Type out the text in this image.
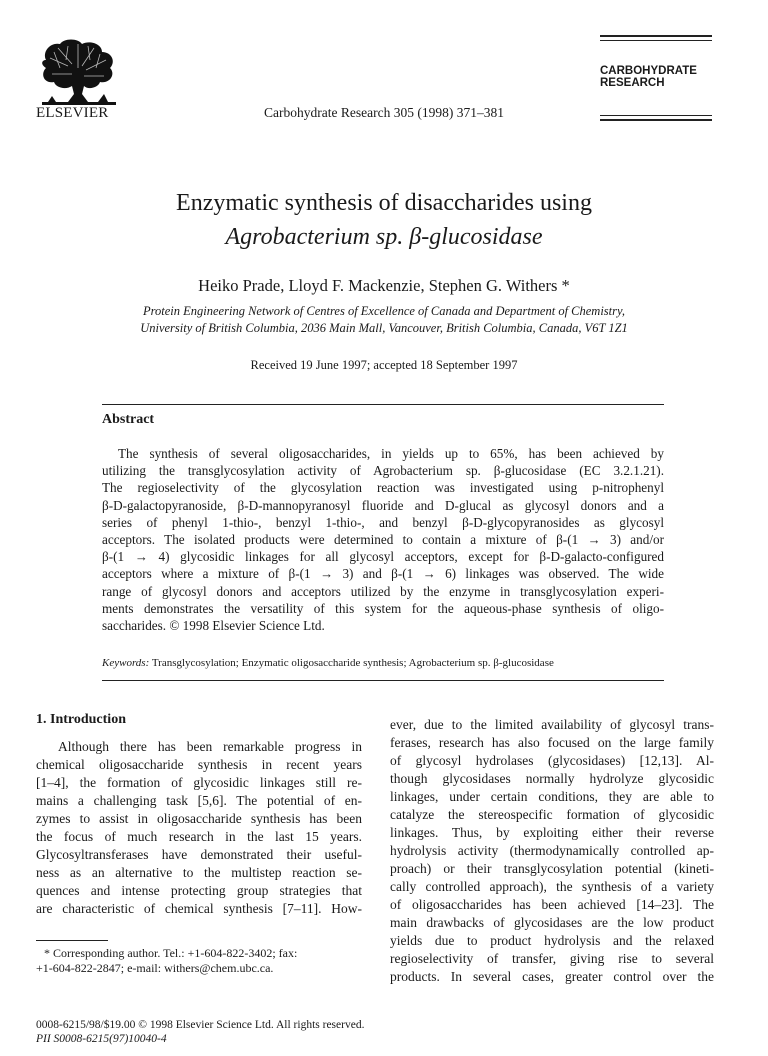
ELSEVIER	Carbohydrate Research 305 (1998) 371–381
CARBOHYDRATE
RESEARCH
Enzymatic synthesis of disaccharides using
Agrobacterium sp. β-glucosidase
Heiko Prade, Lloyd F. Mackenzie, Stephen G. Withers *
Protein Engineering Network of Centres of Excellence of Canada and Department of Chemistry,
University of British Columbia, 2036 Main Mall, Vancouver, British Columbia, Canada, V6T 1Z1
Received 19 June 1997; accepted 18 September 1997
Abstract
The synthesis of several oligosaccharides, in yields up to 65%, has been achieved by
utilizing the transglycosylation activity of Agrobacterium sp. β-glucosidase (EC 3.2.1.21).
The regioselectivity of the glycosylation reaction was investigated using p-nitrophenyl
β-D-galactopyranoside, β-D-mannopyranosyl fluoride and D-glucal as glycosyl donors and a
series of phenyl 1-thio-, benzyl 1-thio-, and benzyl β-D-glycopyranosides as glycosyl
acceptors. The isolated products were determined to contain a mixture of β-(1 → 3) and/or
β-(1 → 4) glycosidic linkages for all glycosyl acceptors, except for β-D-galacto-configured
acceptors where a mixture of β-(1 → 3) and β-(1 → 6) linkages was observed. The wide
range of glycosyl donors and acceptors utilized by the enzyme in transglycosylation experi-
ments demonstrates the versatility of this system for the aqueous-phase synthesis of oligo-
saccharides. © 1998 Elsevier Science Ltd.
Keywords: Transglycosylation; Enzymatic oligosaccharide synthesis; Agrobacterium sp. β-glucosidase
1. Introduction
Although there has been remarkable progress in
chemical oligosaccharide synthesis in recent years
[1–4], the formation of glycosidic linkages still re-
mains a challenging task [5,6]. The potential of en-
zymes to assist in oligosaccharide synthesis has been
the focus of much research in the last 15 years.
Glycosyltransferases have demonstrated their useful-
ness as an alternative to the multistep reaction se-
quences and intense protecting group strategies that
are characteristic of chemical synthesis [7–11]. How-
ever, due to the limited availability of glycosyl trans-
ferases, research has also focused on the large family
of glycosyl hydrolases (glycosidases) [12,13]. Al-
though glycosidases normally hydrolyze glycosidic
linkages, under certain conditions, they are able to
catalyze the stereospecific formation of glycosidic
linkages. Thus, by exploiting either their reverse
hydrolysis activity (thermodynamically controlled ap-
proach) or their transglycosylation potential (kineti-
cally controlled approach), the synthesis of a variety
of oligosaccharides has been achieved [14–23]. The
main drawbacks of glycosidases are the low product
yields due to product hydrolysis and the relaxed
regioselectivity of transfer, giving rise to several
products. In several cases, greater control over the
* Corresponding author. Tel.: +1-604-822-3402; fax:
+1-604-822-2847; e-mail: withers@chem.ubc.ca.
0008-6215/98/$19.00 © 1998 Elsevier Science Ltd. All rights reserved.
PII S0008-6215(97)10040-4
